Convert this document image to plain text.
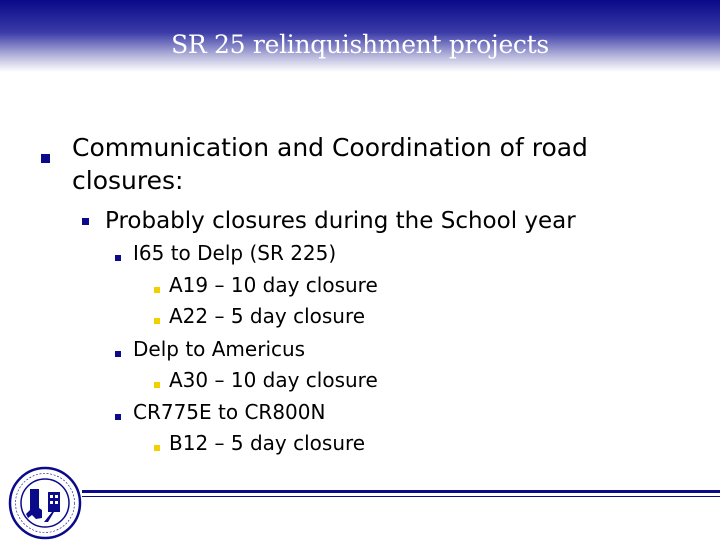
SR 25 relinquishment projects
Communication and Coordination of road
closures:
Probably closures during the School year
I65 to Delp (SR 225)
A19 – 10 day closure
A22 – 5 day closure
Delp to Americus
A30 – 10 day closure
CR775E to CR800N
B12 – 5 day closure
